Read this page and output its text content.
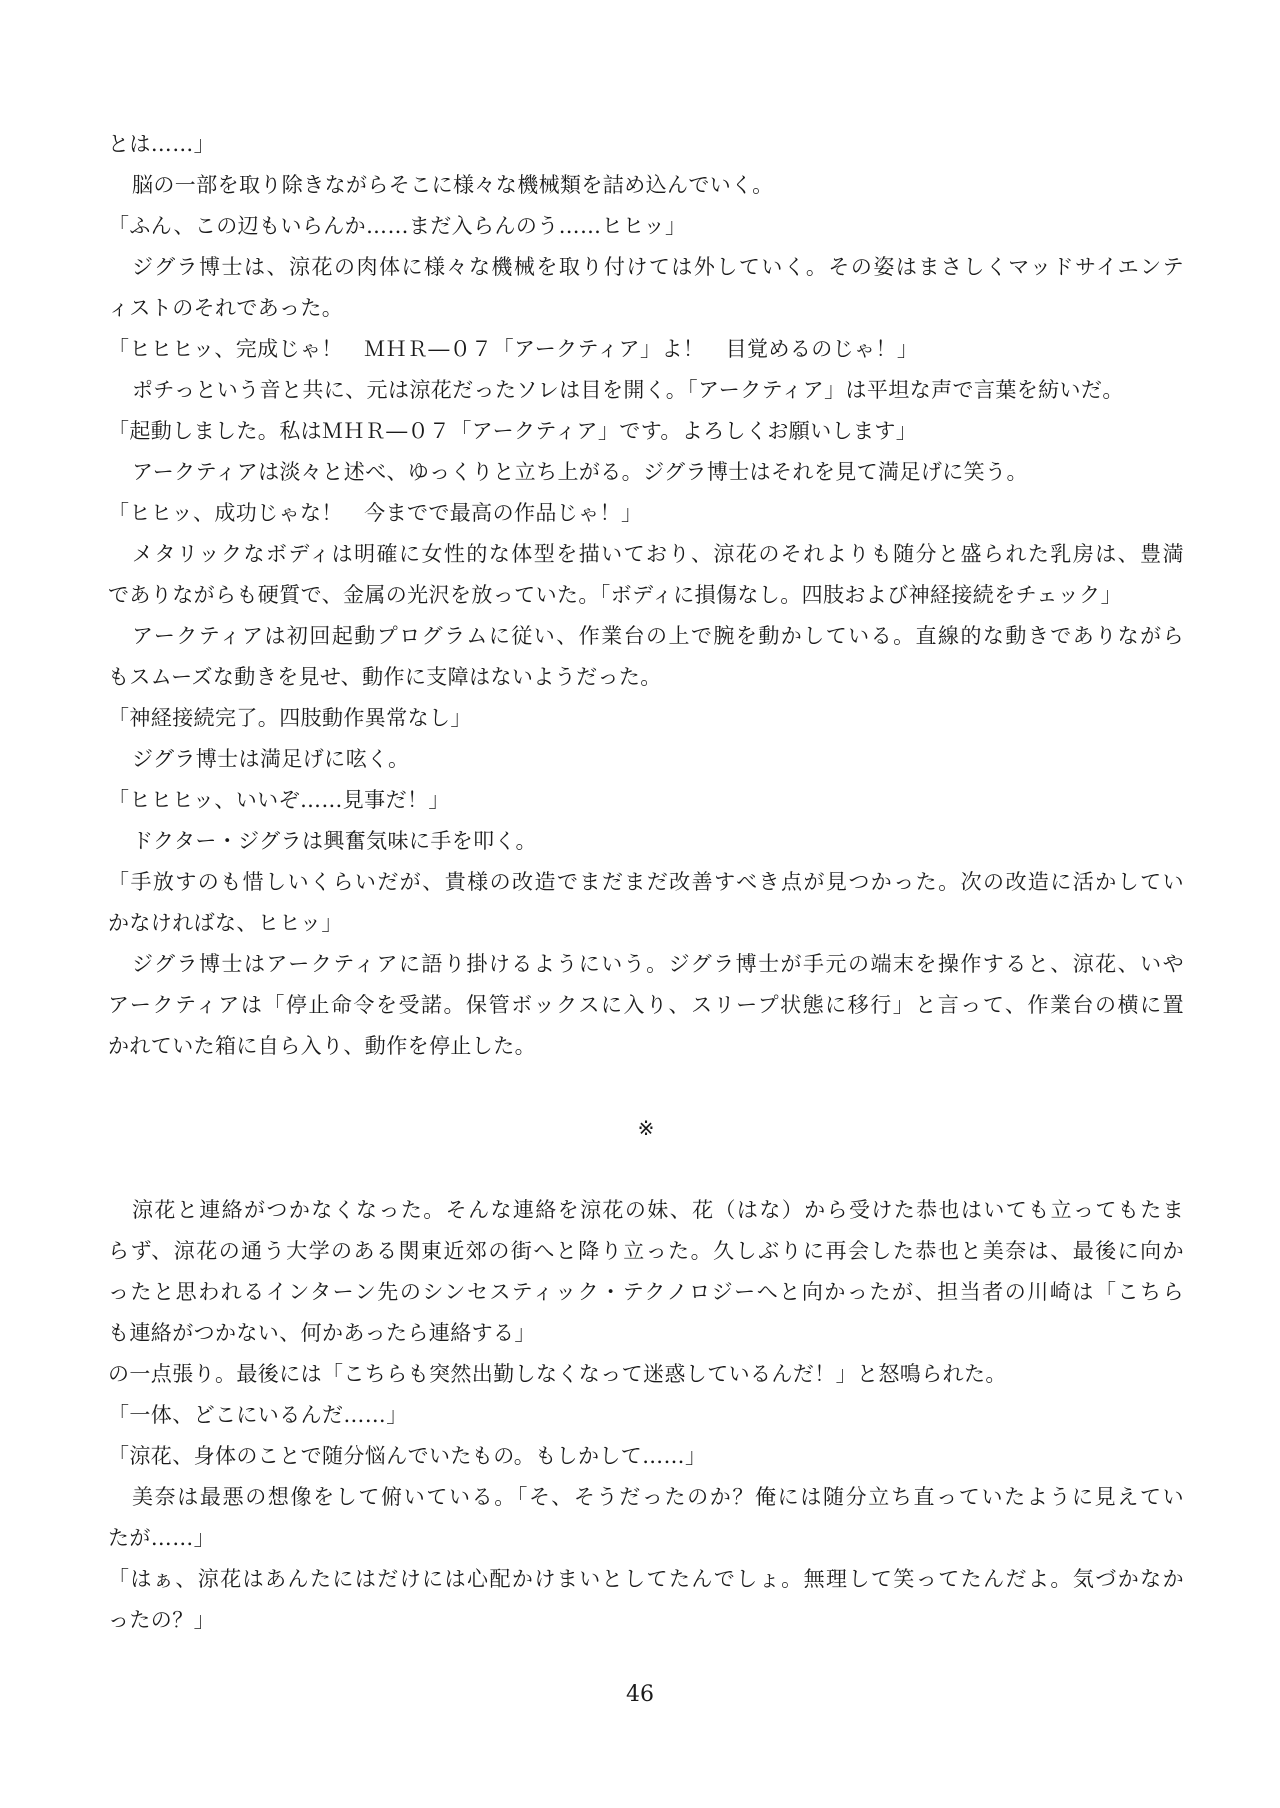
とは……」
脳の一部を取り除きながらそこに様々な機械類を詰め込んでいく。
「ふん、この辺もいらんか……まだ入らんのう……ヒヒッ」
ジグラ博士は、涼花の肉体に様々な機械を取り付けては外していく。その姿はまさしくマッドサイエンテ
ィストのそれであった。
「ヒヒヒッ、完成じゃ！　ＭＨＲ―０７「アークティア」よ！　目覚めるのじゃ！」
ポチっという音と共に、元は涼花だったソレは目を開く。「アークティア」は平坦な声で言葉を紡いだ。
「起動しました。私はＭＨＲ―０７「アークティア」です。よろしくお願いします」
アークティアは淡々と述べ、ゆっくりと立ち上がる。ジグラ博士はそれを見て満足げに笑う。
「ヒヒッ、成功じゃな！　今までで最高の作品じゃ！」
メタリックなボディは明確に女性的な体型を描いており、涼花のそれよりも随分と盛られた乳房は、豊満
でありながらも硬質で、金属の光沢を放っていた。「ボディに損傷なし。四肢および神経接続をチェック」
アークティアは初回起動プログラムに従い、作業台の上で腕を動かしている。直線的な動きでありながら
もスムーズな動きを見せ、動作に支障はないようだった。
「神経接続完了。四肢動作異常なし」
ジグラ博士は満足げに呟く。
「ヒヒヒッ、いいぞ……見事だ！」
ドクター・ジグラは興奮気味に手を叩く。
「手放すのも惜しいくらいだが、貴様の改造でまだまだ改善すべき点が見つかった。次の改造に活かしてい
かなければな、ヒヒッ」
ジグラ博士はアークティアに語り掛けるようにいう。ジグラ博士が手元の端末を操作すると、涼花、いや
アークティアは「停止命令を受諾。保管ボックスに入り、スリープ状態に移行」と言って、作業台の横に置
かれていた箱に自ら入り、動作を停止した。
※
涼花と連絡がつかなくなった。そんな連絡を涼花の妹、花（はな）から受けた恭也はいても立ってもたま
らず、涼花の通う大学のある関東近郊の街へと降り立った。久しぶりに再会した恭也と美奈は、最後に向か
ったと思われるインターン先のシンセスティック・テクノロジーへと向かったが、担当者の川崎は「こちら
も連絡がつかない、何かあったら連絡する」
の一点張り。最後には「こちらも突然出勤しなくなって迷惑しているんだ！」と怒鳴られた。
「一体、どこにいるんだ……」
「涼花、身体のことで随分悩んでいたもの。もしかして……」
美奈は最悪の想像をして俯いている。「そ、そうだったのか？俺には随分立ち直っていたように見えてい
たが……」
「はぁ、涼花はあんたにはだけには心配かけまいとしてたんでしょ。無理して笑ってたんだよ。気づかなか
ったの？」
46
